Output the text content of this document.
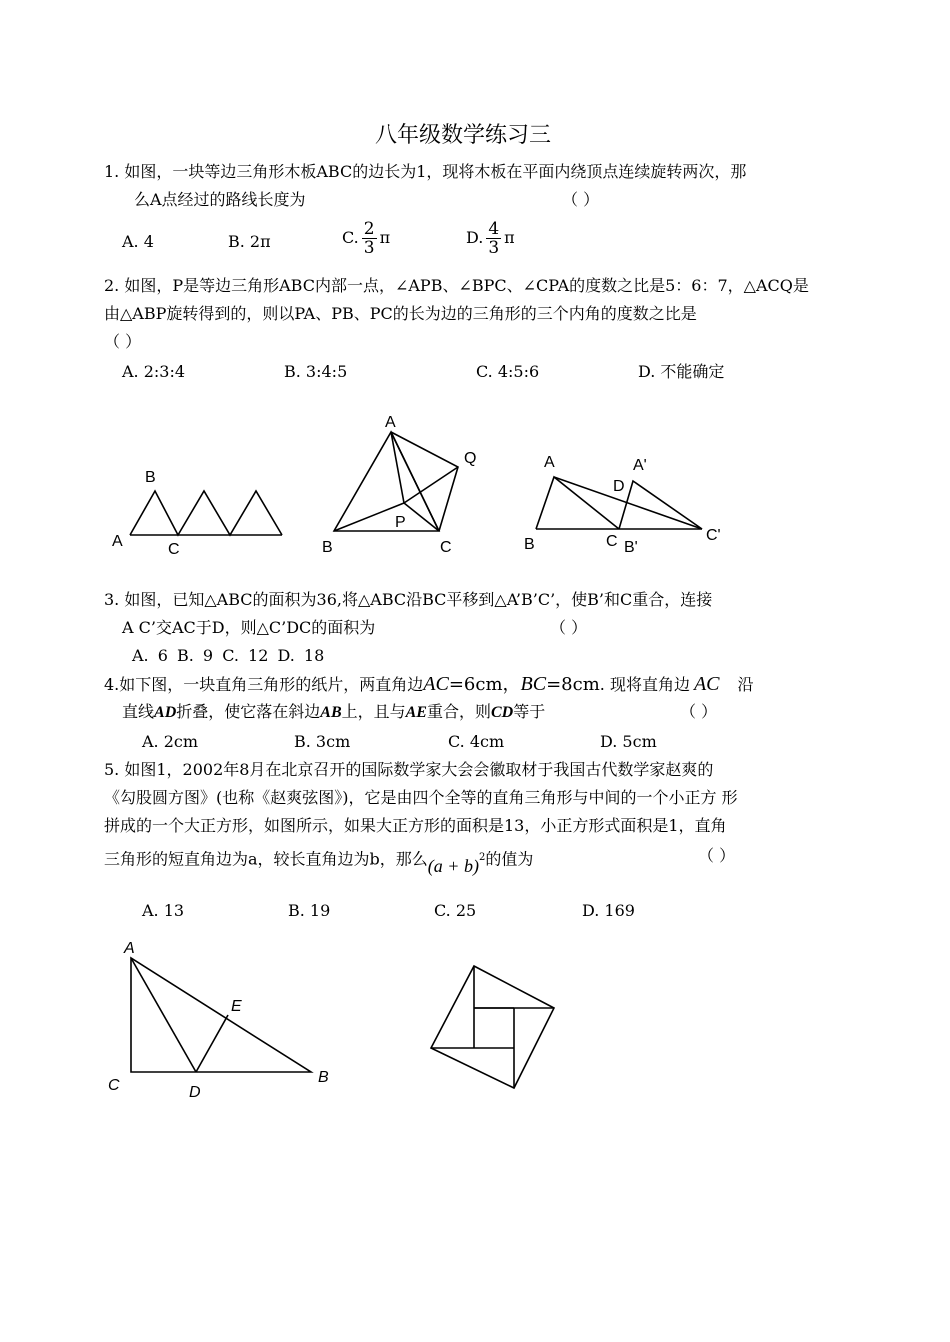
八年级数学练习三
1. 如图，一块等边三角形木板ABC的边长为1，现将木板在平面内绕顶点连续旋转两次，那
么A点经过的路线长度为	（ ）
A. 4	B. 2π	C. $\frac{2}{3}$ π	D. $\frac{4}{3}$ π
2. 如图，P是等边三角形ABC内部一点，∠APB、∠BPC、∠CPA的度数之比是5：6：7，△ACQ是
由△ABP旋转得到的，则以PA、PB、PC的长为边的三角形的三个内角的度数之比是
（ ）
A. 2:3:4	B. 3:4:5	C. 4:5:6	D. 不能确定
A
B
C
A
Q
P
B	C
A	A'
D
B	C B'
C'
A
E
C	D
B
3. 如图，已知△ABC的面积为36,将△ABC沿BC平移到△A’B’C’，使B’和C重合，连接
A C’交AC于D，则△C’DC的面积为	（ ）
A. 6 B. 9 C. 12 D. 18
4.如下图，一块直角三角形的纸片，两直角边AC=6cm，BC=8cm. 现将直角边 AC 沿
直线AD折叠，使它落在斜边AB上，且与AE重合，则CD等于	（ ）
A. 2cm	B. 3cm	C. 4cm	D. 5cm
5. 如图1，2002年8月在北京召开的国际数学家大会会徽取材于我国古代数学家赵爽的
《勾股圆方图》(也称《赵爽弦图》)，它是由四个全等的直角三角形与中间的一个小正方 形
拼成的一个大正方形，如图所示，如果大正方形的面积是13，小正方形式面积是1，直角
三角形的短直角边为a，较长直角边为b，那么$(a + b)^2$的值为	（ ）
A. 13	B. 19	C. 25	D. 169
